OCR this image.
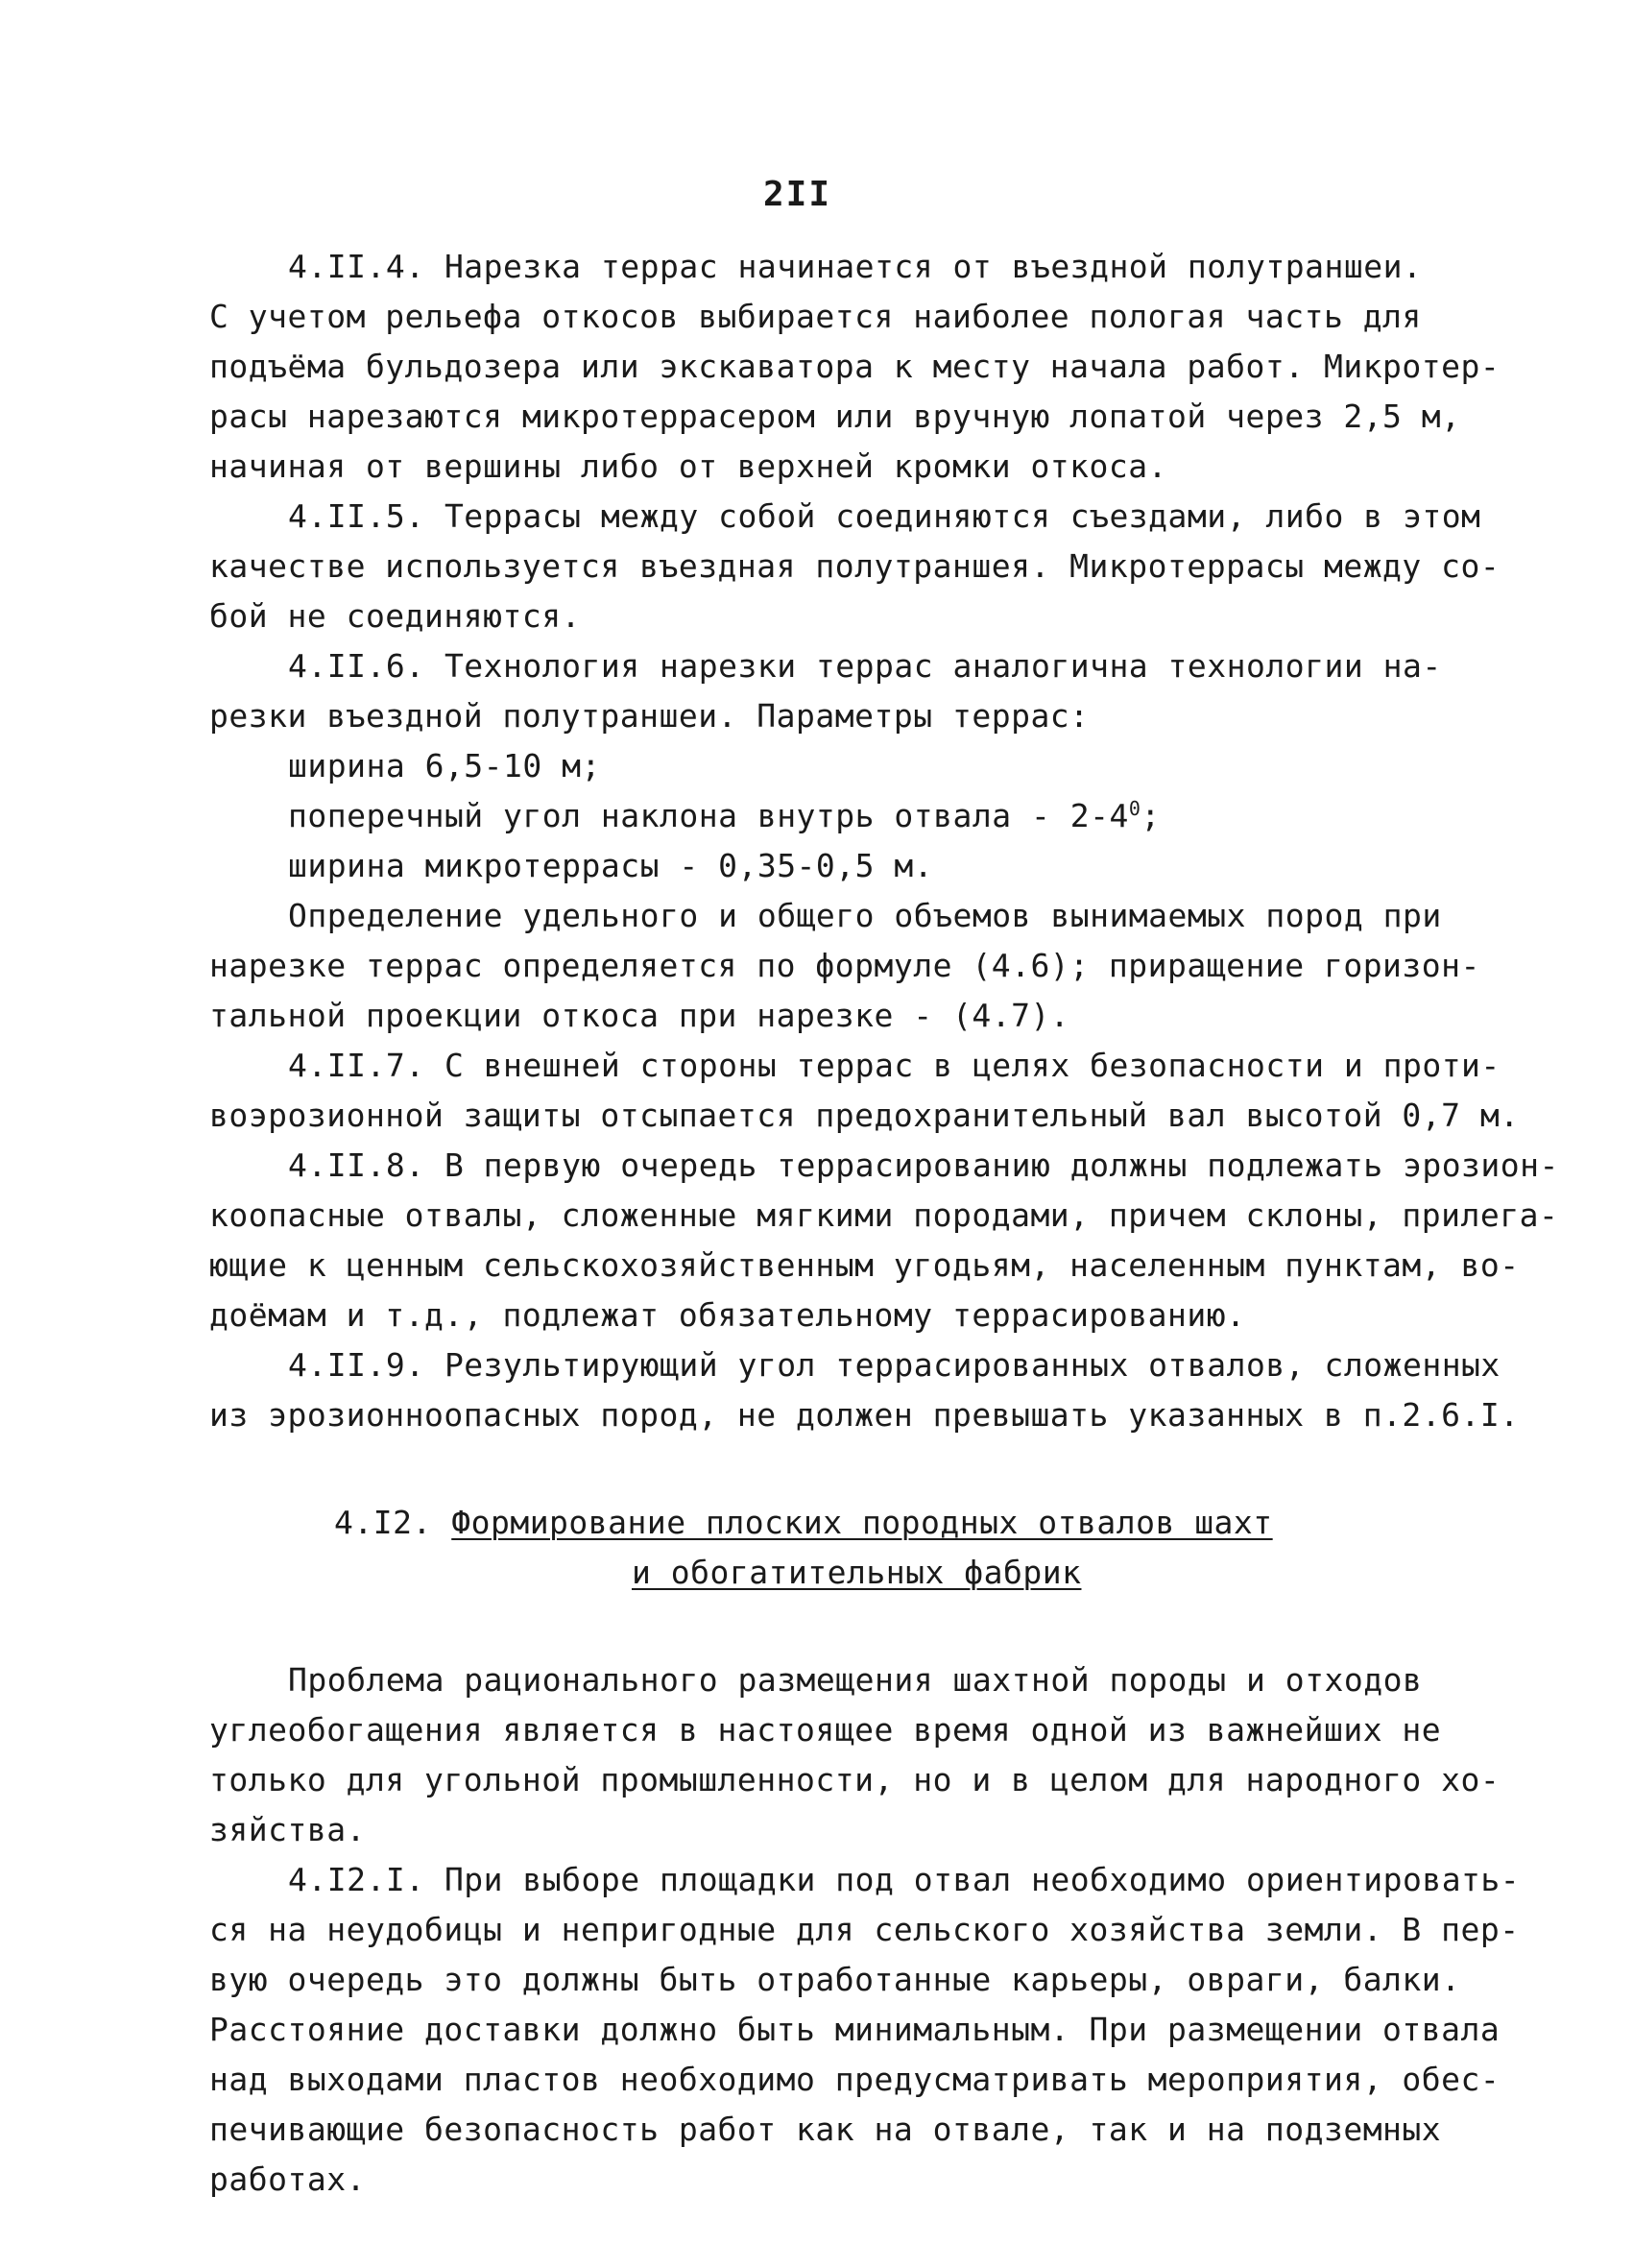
2II
4.II.4. Нарезка террас начинается от въездной полутраншеи.
С учетом рельефа откосов выбирается наиболее пологая часть для
подъёма бульдозера или экскаватора к месту начала работ. Микротер-
расы нарезаются микротеррасером или вручную лопатой через 2,5 м,
начиная от вершины либо от верхней кромки откоса.
4.II.5. Террасы между собой соединяются съездами, либо в этом
качестве используется въездная полутраншея. Микротеррасы между со-
бой не соединяются.
4.II.6. Технология нарезки террас аналогична технологии на-
резки въездной полутраншеи. Параметры террас:
ширина 6,5-10 м;
поперечный угол наклона внутрь отвала - $2-4^0$;
ширина микротеррасы - 0,35-0,5 м.
Определение удельного и общего объемов вынимаемых пород при
нарезке террас определяется по формуле (4.6); приращение горизон-
тальной проекции откоса при нарезке - (4.7).
4.II.7. С внешней стороны террас в целях безопасности и проти-
воэрозионной защиты отсыпается предохранительный вал высотой 0,7 м.
4.II.8. В первую очередь террасированию должны подлежать эрозион-
коопасные отвалы, сложенные мягкими породами, причем склоны, прилега-
ющие к ценным сельскохозяйственным угодьям, населенным пунктам, во-
доёмам и т.д., подлежат обязательному террасированию.
4.II.9. Результирующий угол террасированных отвалов, сложенных
из эрозионноопасных пород, не должен превышать указанных в п.2.6.I.
4.I2. Формирование плоских породных отвалов шахт
и обогатительных фабрик
Проблема рационального размещения шахтной породы и отходов
углеобогащения является в настоящее время одной из важнейших не
только для угольной промышленности, но и в целом для народного хо-
зяйства.
4.I2.I. При выборе площадки под отвал необходимо ориентировать-
ся на неудобицы и непригодные для сельского хозяйства земли. В пер-
вую очередь это должны быть отработанные карьеры, овраги, балки.
Расстояние доставки должно быть минимальным. При размещении отвала
над выходами пластов необходимо предусматривать мероприятия, обес-
печивающие безопасность работ как на отвале, так и на подземных
работах.
